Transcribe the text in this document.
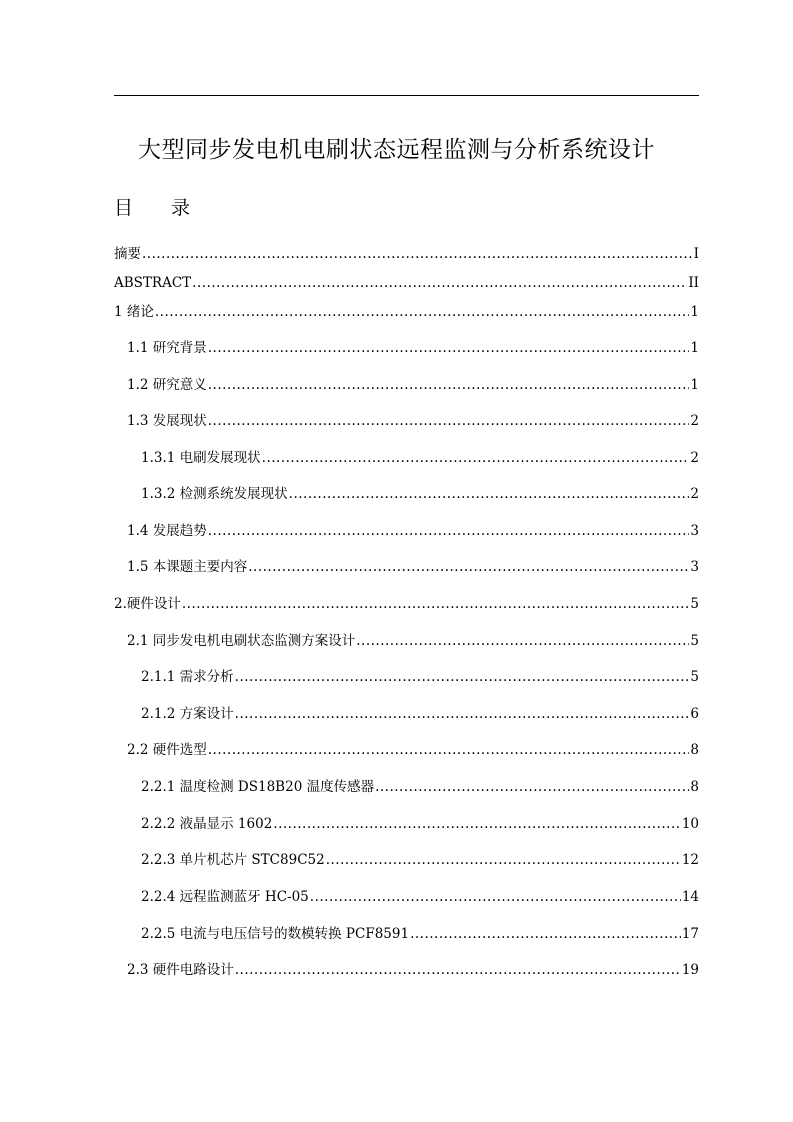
大型同步发电机电刷状态远程监测与分析系统设计
目　　录
摘要 .....	I
ABSTRACT .....	II
1 绪论 .....	1
1.1 研究背景 .....	1
1.2 研究意义 .....	1
1.3 发展现状 .....	2
1.3.1 电刷发展现状 .....	2
1.3.2 检测系统发展现状 .....	2
1.4 发展趋势 .....	3
1.5 本课题主要内容 .....	3
2.硬件设计 .....	5
2.1 同步发电机电刷状态监测方案设计 .....	5
2.1.1 需求分析 .....	5
2.1.2 方案设计 .....	6
2.2 硬件选型 .....	8
2.2.1 温度检测 DS18B20 温度传感器 .....	8
2.2.2 液晶显示 1602 .....	10
2.2.3 单片机芯片 STC89C52 .....	12
2.2.4 远程监测蓝牙 HC-05 .....	14
2.2.5 电流与电压信号的数模转换 PCF8591 .....	17
2.3 硬件电路设计 .....	19
